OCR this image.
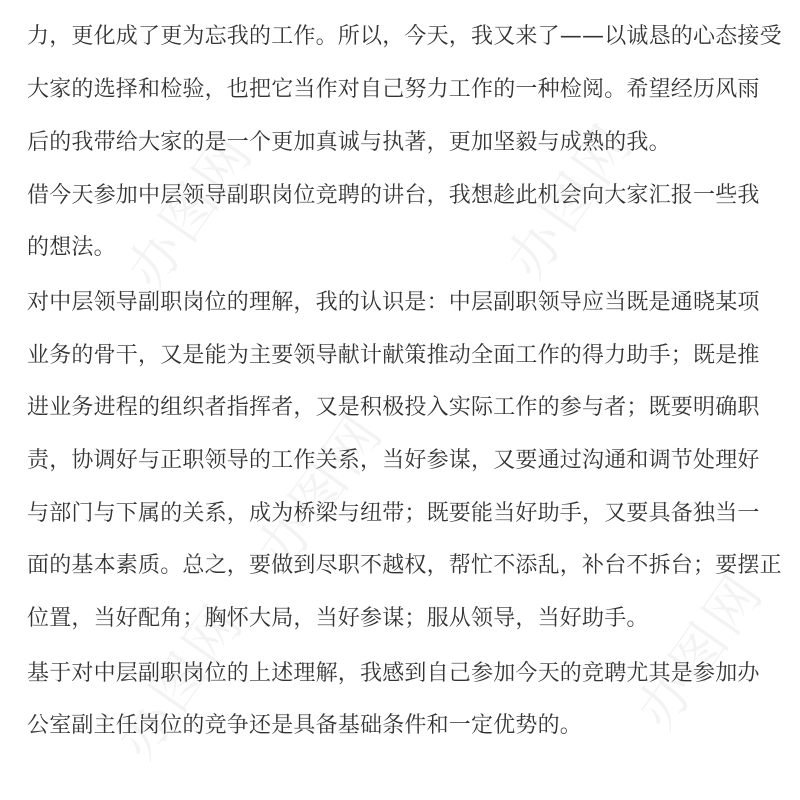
力，更化成了更为忘我的工作。所以，今天，我又来了——以诚恳的心态接受
大家的选择和检验，也把它当作对自己努力工作的一种检阅。希望经历风雨
后的我带给大家的是一个更加真诚与执著，更加坚毅与成熟的我。
借今天参加中层领导副职岗位竞聘的讲台，我想趁此机会向大家汇报一些我
的想法。
对中层领导副职岗位的理解，我的认识是：中层副职领导应当既是通晓某项
业务的骨干，又是能为主要领导献计献策推动全面工作的得力助手；既是推
进业务进程的组织者指挥者，又是积极投入实际工作的参与者；既要明确职
责，协调好与正职领导的工作关系，当好参谋，又要通过沟通和调节处理好
与部门与下属的关系，成为桥梁与纽带；既要能当好助手，又要具备独当一
面的基本素质。总之，要做到尽职不越权，帮忙不添乱，补台不拆台；要摆正
位置，当好配角；胸怀大局，当好参谋；服从领导，当好助手。
基于对中层副职岗位的上述理解，我感到自己参加今天的竞聘尤其是参加办
公室副主任岗位的竞争还是具备基础条件和一定优势的。
